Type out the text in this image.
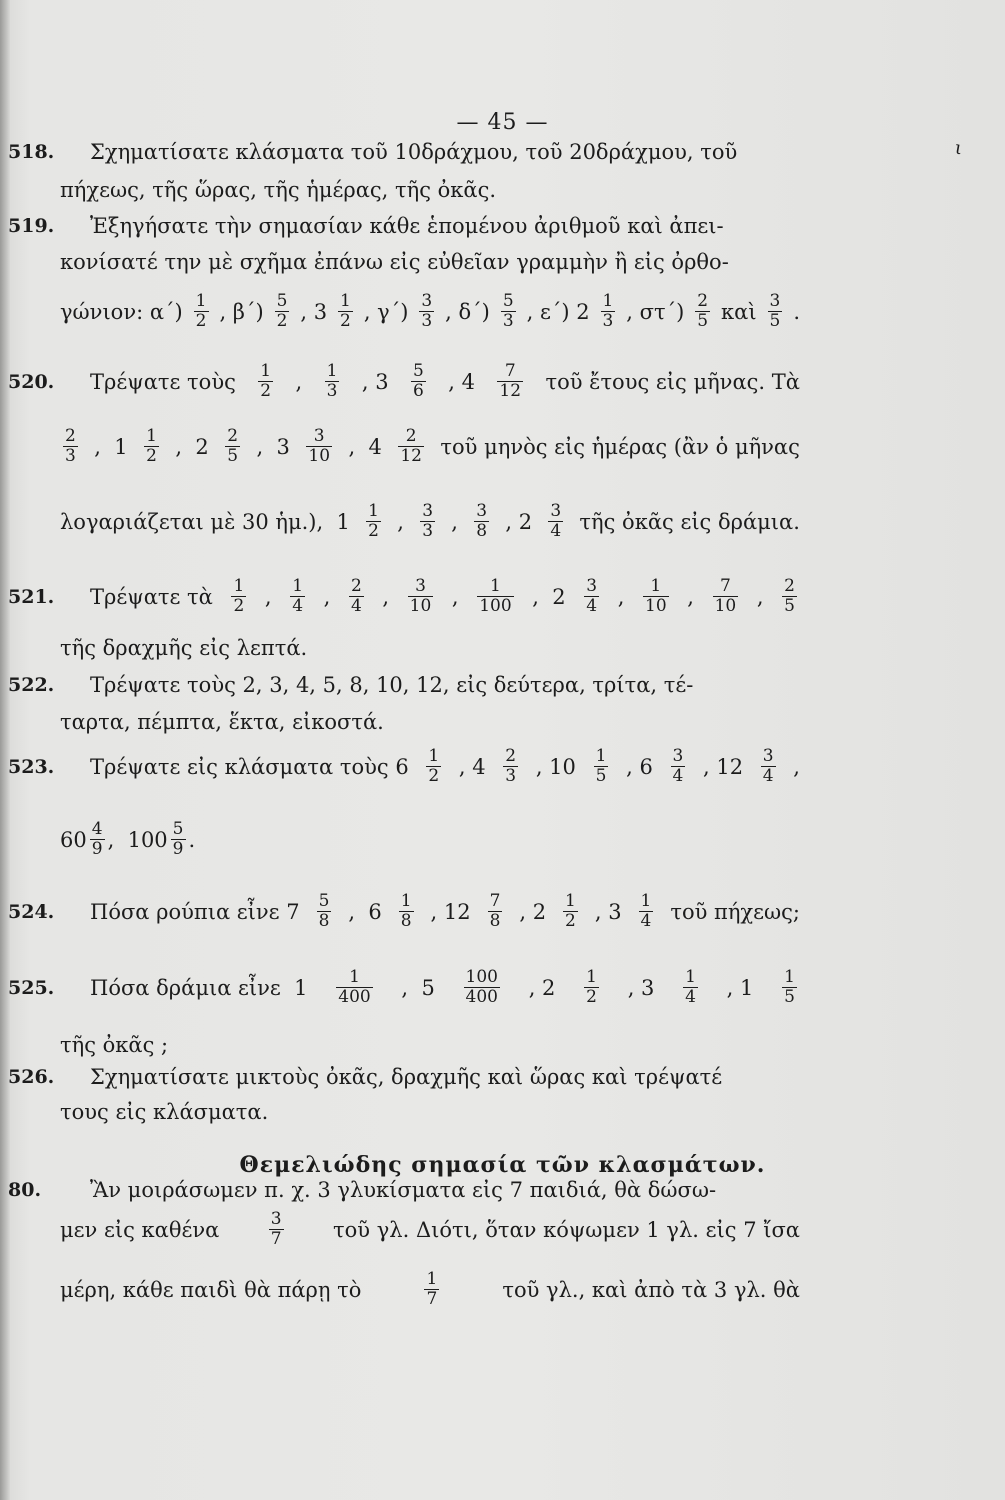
— 45 —
ι
Θεμελιώδης σημασία τῶν κλασμάτων.
518. Σχηματίσατε κλάσματα τοῦ 10δράχμου, τοῦ 20δράχμου, τοῦ
πήχεως, τῆς ὥρας, τῆς ἡμέρας, τῆς ὀκᾶς.
519. Ἐξηγήσατε τὴν σημασίαν κάθε ἑπομένου ἀριθμοῦ καὶ ἀπει-
κονίσατέ την μὲ σχῆμα ἐπάνω εἰς εὐθεῖαν γραμμὴν ἢ εἰς ὀρθο-
γώνιον: $\alpha΄) \frac{1}{2}$ , $\beta΄) \frac{5}{2}$ , $3 \frac{1}{2}$ , $\gamma΄) \frac{3}{3}$ , $\delta΄) \frac{5}{3}$ , ε΄) $2 \frac{1}{3}$ , $\sigma\tau΄) \frac{2}{5}$ καὶ $\frac{3}{5}$ .
520. Τρέψατε τοὺς $\frac{1}{2}$ , $\frac{1}{3}$ , $3 \frac{5}{6}$ , $4 \frac{7}{12}$ τοῦ ἔτους εἰς μῆνας. Τὰ
$\frac{2}{3}$ ,  $1 \frac{1}{2}$ ,  $2 \frac{2}{5}$ ,  $3 \frac{3}{10}$ ,  $4 \frac{2}{12}$ τοῦ μηνὸς εἰς ἡμέρας (ἂν ὁ μῆνας
λογαριάζεται μὲ 30 ἡμ.),  $1 \frac{1}{2}$ , $\frac{3}{3}$ , $\frac{3}{8}$ , $2 \frac{3}{4}$ τῆς ὀκᾶς εἰς δράμια.
521. Τρέψατε τὰ $\frac{1}{2}$ , $\frac{1}{4}$ , $\frac{2}{4}$ , $\frac{3}{10}$ , $\frac{1}{100}$ ,  $2 \frac{3}{4}$ , $\frac{1}{10}$ , $\frac{7}{10}$ , $\frac{2}{5}$
τῆς δραχμῆς εἰς λεπτά.
522. Τρέψατε τοὺς 2, 3, 4, 5, 8, 10, 12, εἰς δεύτερα, τρίτα, τέ-
ταρτα, πέμπτα, ἕκτα, εἰκοστά.
523. Τρέψατε εἰς κλάσματα τοὺς $6 \frac{1}{2}$ , $4 \frac{2}{3}$ , $10 \frac{1}{5}$ , $6 \frac{3}{4}$ , $12 \frac{3}{4}$ ,
$60 \frac{4}{9}$ ,  $100 \frac{5}{9}$ .
524. Πόσα ρούπια εἶνε $7 \frac{5}{8}$ ,  $6 \frac{1}{8}$ , $12 \frac{7}{8}$ , $2 \frac{1}{2}$ , $3 \frac{1}{4}$ τοῦ πήχεως;
525. Πόσα δράμια εἶνε  $1 \frac{1}{400}$ ,  $5 \frac{100}{400}$ , $2 \frac{1}{2}$ , $3 \frac{1}{4}$ , $1 \frac{1}{5}$
τῆς ὀκᾶς ;
526. Σχηματίσατε μικτοὺς ὀκᾶς, δραχμῆς καὶ ὥρας καὶ τρέψατέ
τους εἰς κλάσματα.
80. Ἂν μοιράσωμεν π. χ. 3 γλυκίσματα εἰς 7 παιδιά, θὰ δώσω-
μεν εἰς καθένα	$\frac{3}{7}$ τοῦ γλ. Διότι, ὅταν κόψωμεν 1 γλ. εἰς 7 ἴσα
μέρη, κάθε παιδὶ θὰ πάρῃ τὸ	$\frac{1}{7}$	τοῦ γλ., καὶ ἀπὸ τὰ 3 γλ. θὰ
